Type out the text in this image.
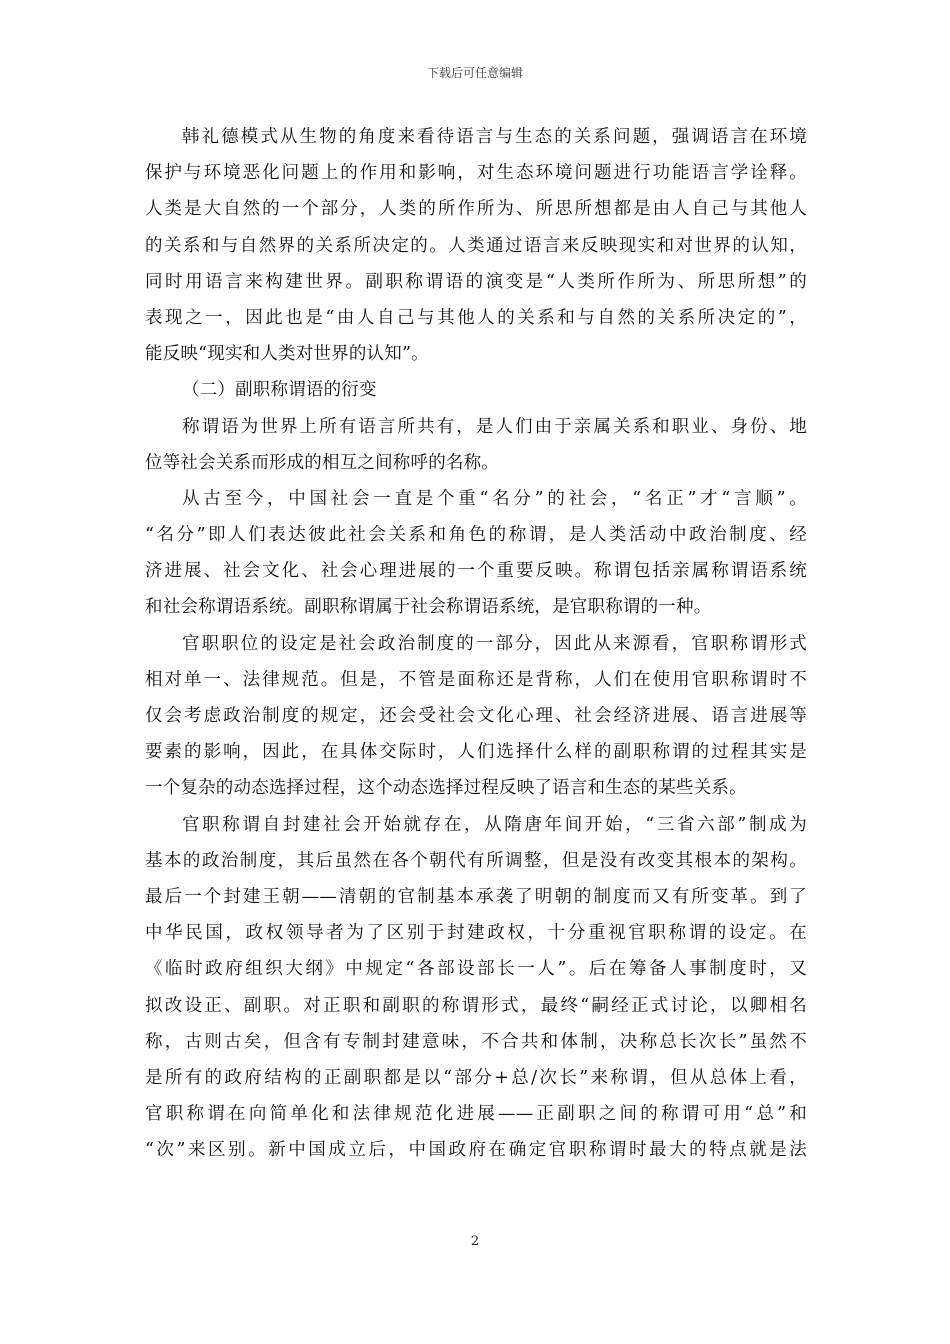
下载后可任意编辑
韩礼德模式从生物的角度来看待语言与生态的关系问题，强调语言在环境
保护与环境恶化问题上的作用和影响，对生态环境问题进行功能语言学诠释。
人类是大自然的一个部分，人类的所作所为、所思所想都是由人自己与其他人
的关系和与自然界的关系所决定的。人类通过语言来反映现实和对世界的认知，
同时用语言来构建世界。副职称谓语的演变是“人类所作所为、所思所想”的
表现之一，因此也是“由人自己与其他人的关系和与自然的关系所决定的”，
能反映“现实和人类对世界的认知”。
（二）副职称谓语的衍变
称谓语为世界上所有语言所共有，是人们由于亲属关系和职业、身份、地
位等社会关系而形成的相互之间称呼的名称。
从古至今，中国社会一直是个重“名分”的社会，“名正”才“言顺”。
“名分”即人们表达彼此社会关系和角色的称谓，是人类活动中政治制度、经
济进展、社会文化、社会心理进展的一个重要反映。称谓包括亲属称谓语系统
和社会称谓语系统。副职称谓属于社会称谓语系统，是官职称谓的一种。
官职职位的设定是社会政治制度的一部分，因此从来源看，官职称谓形式
相对单一、法律规范。但是，不管是面称还是背称，人们在使用官职称谓时不
仅会考虑政治制度的规定，还会受社会文化心理、社会经济进展、语言进展等
要素的影响，因此，在具体交际时，人们选择什么样的副职称谓的过程其实是
一个复杂的动态选择过程，这个动态选择过程反映了语言和生态的某些关系。
官职称谓自封建社会开始就存在，从隋唐年间开始，“三省六部”制成为
基本的政治制度，其后虽然在各个朝代有所调整，但是没有改变其根本的架构。
最后一个封建王朝——清朝的官制基本承袭了明朝的制度而又有所变革。到了
中华民国，政权领导者为了区别于封建政权，十分重视官职称谓的设定。在
《临时政府组织大纲》中规定“各部设部长一人”。后在筹备人事制度时，又
拟改设正、副职。对正职和副职的称谓形式，最终“嗣经正式讨论，以卿相名
称，古则古矣，但含有专制封建意味，不合共和体制，决称总长次长”虽然不
是所有的政府结构的正副职都是以“部分+总/次长”来称谓，但从总体上看，
官职称谓在向简单化和法律规范化进展——正副职之间的称谓可用“总”和
“次”来区别。新中国成立后，中国政府在确定官职称谓时最大的特点就是法
2
